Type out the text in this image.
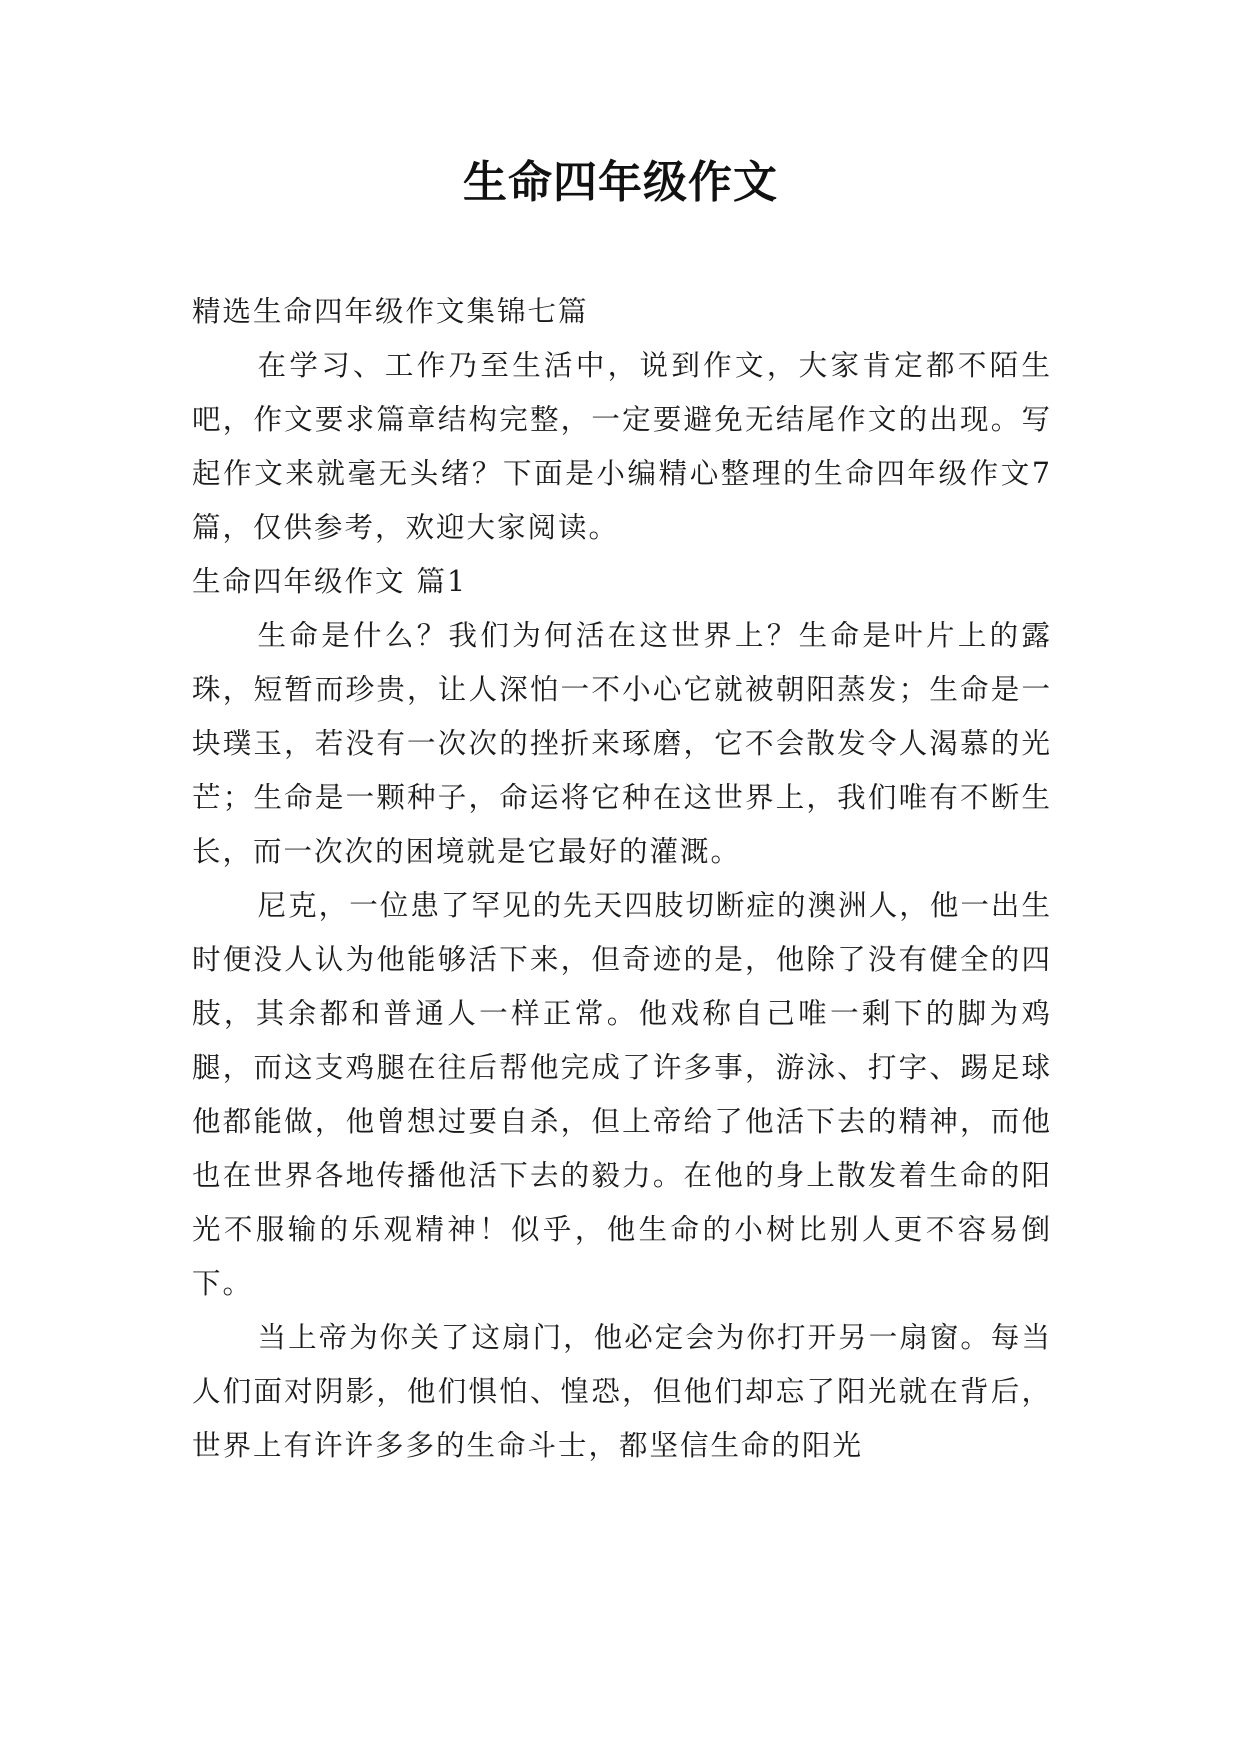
生命四年级作文

精选生命四年级作文集锦七篇

在学习、工作乃至生活中，说到作文，大家肯定都不陌生吧，作文要求篇章结构完整，一定要避免无结尾作文的出现。写起作文来就毫无头绪？下面是小编精心整理的生命四年级作文7篇，仅供参考，欢迎大家阅读。

生命四年级作文 篇1

生命是什么？我们为何活在这世界上？生命是叶片上的露珠，短暂而珍贵，让人深怕一不小心它就被朝阳蒸发；生命是一块璞玉，若没有一次次的挫折来琢磨，它不会散发令人渴慕的光芒；生命是一颗种子，命运将它种在这世界上，我们唯有不断生长，而一次次的困境就是它最好的灌溉。

尼克，一位患了罕见的先天四肢切断症的澳洲人，他一出生时便没人认为他能够活下来，但奇迹的是，他除了没有健全的四肢，其余都和普通人一样正常。他戏称自己唯一剩下的脚为鸡腿，而这支鸡腿在往后帮他完成了许多事，游泳、打字、踢足球他都能做，他曾想过要自杀，但上帝给了他活下去的精神，而他也在世界各地传播他活下去的毅力。在他的身上散发着生命的阳光不服输的乐观精神！似乎，他生命的小树比别人更不容易倒下。

当上帝为你关了这扇门，他必定会为你打开另一扇窗。每当人们面对阴影，他们惧怕、惶恐，但他们却忘了阳光就在背后，世界上有许许多多的生命斗士，都坚信生命的阳光
